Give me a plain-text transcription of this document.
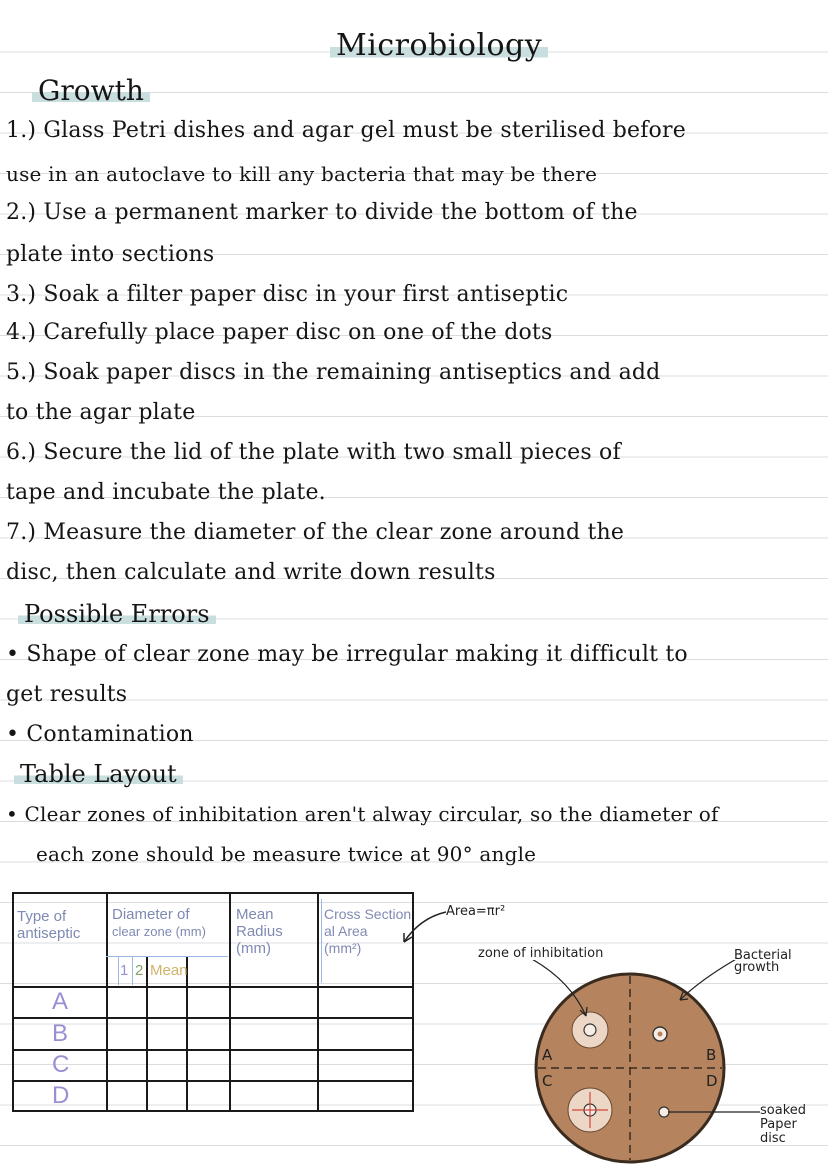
Microbiology
Growth
1.) Glass Petri dishes and agar gel must be sterilised before
use in an autoclave to kill any bacteria that may be there
2.) Use a permanent marker to divide the bottom of the
plate into sections
3.) Soak a filter paper disc in your first antiseptic
4.) Carefully place paper disc on one of the dots
5.) Soak paper discs in the remaining antiseptics and add
to the agar plate
6.) Secure the lid of the plate with two small pieces of
tape and incubate the plate.
7.) Measure the diameter of the clear zone around the
disc, then calculate and write down results
Possible Errors
• Shape of clear zone may be irregular making it difficult to
get results
• Contamination
Table Layout
• Clear zones of inhibitation aren't alway circular, so the diameter of
each zone should be measure twice at 90° angle
Type of
antiseptic
Diameter of
clear zone (mm)
1 2 Mean
Mean
Radius
(mm)
Cross Section
al Area
(mm²)
A
B
C
D
Area=πr²
zone of inhibitation	Bacterial
growth
soaked
Paper
disc
A
C
B
D
